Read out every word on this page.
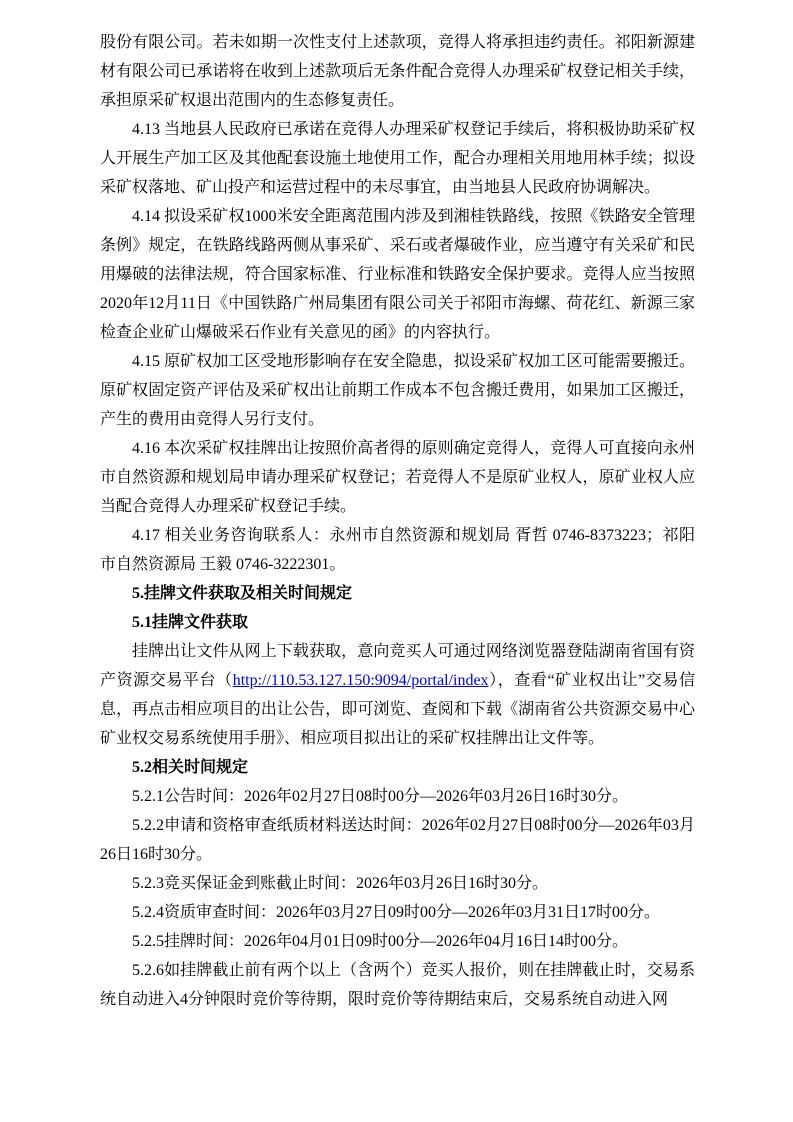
股份有限公司。若未如期一次性支付上述款项，竞得人将承担违约责任。祁阳新源建材有限公司已承诺将在收到上述款项后无条件配合竞得人办理采矿权登记相关手续，承担原采矿权退出范围内的生态修复责任。

4.13 当地县人民政府已承诺在竞得人办理采矿权登记手续后，将积极协助采矿权人开展生产加工区及其他配套设施土地使用工作，配合办理相关用地用林手续；拟设采矿权落地、矿山投产和运营过程中的未尽事宜，由当地县人民政府协调解决。

4.14 拟设采矿权1000米安全距离范围内涉及到湘桂铁路线，按照《铁路安全管理条例》规定，在铁路线路两侧从事采矿、采石或者爆破作业，应当遵守有关采矿和民用爆破的法律法规，符合国家标准、行业标准和铁路安全保护要求。竞得人应当按照2020年12月11日《中国铁路广州局集团有限公司关于祁阳市海螺、荷花红、新源三家检查企业矿山爆破采石作业有关意见的函》的内容执行。

4.15 原矿权加工区受地形影响存在安全隐患，拟设采矿权加工区可能需要搬迁。原矿权固定资产评估及采矿权出让前期工作成本不包含搬迁费用，如果加工区搬迁，产生的费用由竞得人另行支付。

4.16 本次采矿权挂牌出让按照价高者得的原则确定竞得人，竞得人可直接向永州市自然资源和规划局申请办理采矿权登记；若竞得人不是原矿业权人，原矿业权人应当配合竞得人办理采矿权登记手续。

4.17 相关业务咨询联系人：永州市自然资源和规划局 胥哲 0746-8373223；祁阳市自然资源局 王毅 0746-3222301。

5.挂牌文件获取及相关时间规定

5.1挂牌文件获取

挂牌出让文件从网上下载获取，意向竞买人可通过网络浏览器登陆湖南省国有资产资源交易平台（http://110.53.127.150:9094/portal/index），查看“矿业权出让”交易信息，再点击相应项目的出让公告，即可浏览、查阅和下载《湖南省公共资源交易中心矿业权交易系统使用手册》、相应项目拟出让的采矿权挂牌出让文件等。

5.2相关时间规定

5.2.1公告时间：2026年02月27日08时00分—2026年03月26日16时30分。

5.2.2申请和资格审查纸质材料送达时间：2026年02月27日08时00分—2026年03月26日16时30分。

5.2.3竞买保证金到账截止时间：2026年03月26日16时30分。

5.2.4资质审查时间：2026年03月27日09时00分—2026年03月31日17时00分。

5.2.5挂牌时间：2026年04月01日09时00分—2026年04月16日14时00分。

5.2.6如挂牌截止前有两个以上（含两个）竞买人报价，则在挂牌截止时，交易系统自动进入4分钟限时竞价等待期，限时竞价等待期结束后，交易系统自动进入网
